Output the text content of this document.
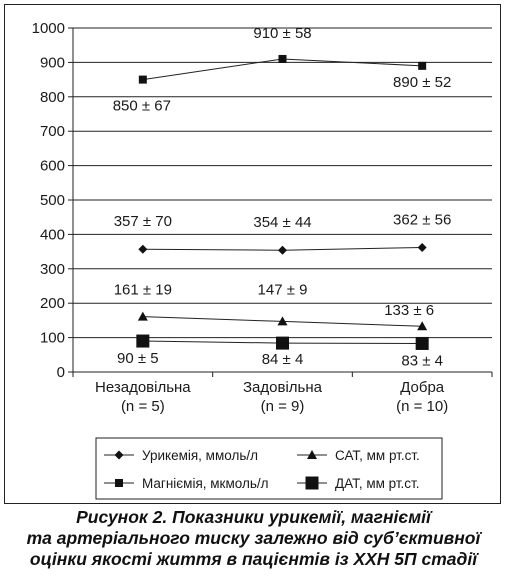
0
100
200
300
400
500
600
700
800
900
1000
Незадовільна
(n = 5)
Задовільна
(n = 9)
Добра
(n = 10)
357 ± 70	354 ± 44	362 ± 56
850 ± 67
910 ± 58
890 ± 52
161 ± 19	147 ± 9
133 ± 6
90 ± 5	84 ± 4	83 ± 4
Урикемія, ммоль/л	САТ, мм рт.ст.
Магніємія, мкмоль/л	ДАТ, мм рт.ст.
Рисунок 2. Показники урикемії, магніємії
та артеріального тиску залежно від суб’єктивної
оцінки якості життя в пацієнтів із ХХН 5П стадії
